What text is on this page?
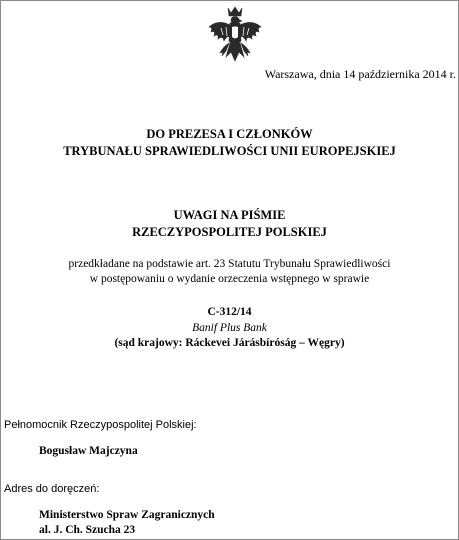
Warszawa, dnia 14 października 2014 r.
DO PREZESA I CZŁONKÓW
TRYBUNAŁU SPRAWIEDLIWOŚCI UNII EUROPEJSKIEJ
UWAGI NA PIŚMIE
RZECZYPOSPOLITEJ POLSKIEJ
przedkładane na podstawie art. 23 Statutu Trybunału Sprawiedliwości
w postępowaniu o wydanie orzeczenia wstępnego w sprawie
C-312/14
Banif Plus Bank
(sąd krajowy: Ráckevei Járásbíróság – Węgry)
Pełnomocnik Rzeczypospolitej Polskiej:
Bogusław Majczyna
Adres do doręczeń:
Ministerstwo Spraw Zagranicznych
al. J. Ch. Szucha 23
